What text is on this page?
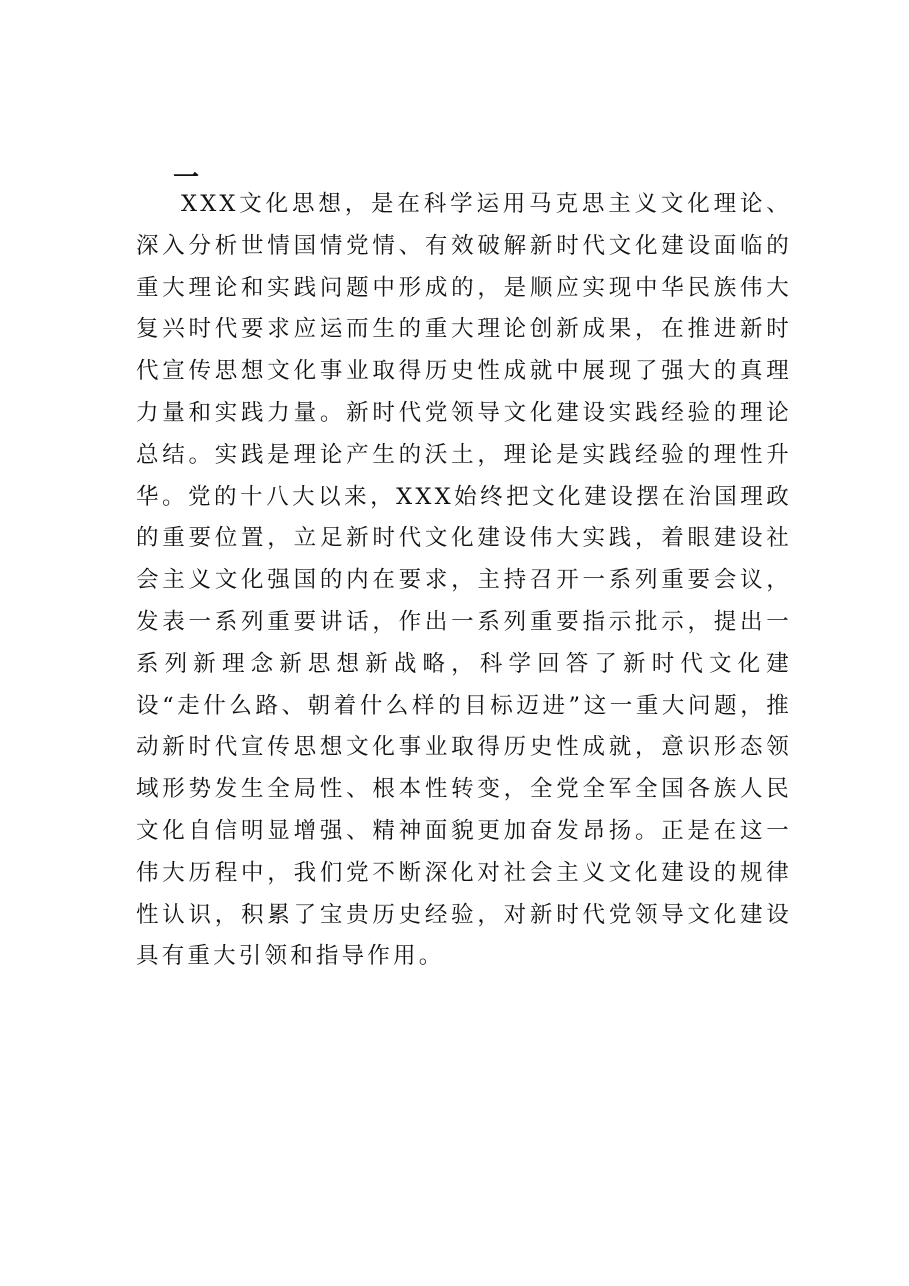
一

XXX文化思想，是在科学运用马克思主义文化理论、深入分析世情国情党情、有效破解新时代文化建设面临的重大理论和实践问题中形成的，是顺应实现中华民族伟大复兴时代要求应运而生的重大理论创新成果，在推进新时代宣传思想文化事业取得历史性成就中展现了强大的真理力量和实践力量。新时代党领导文化建设实践经验的理论总结。实践是理论产生的沃土，理论是实践经验的理性升华。党的十八大以来，XXX始终把文化建设摆在治国理政的重要位置，立足新时代文化建设伟大实践，着眼建设社会主义文化强国的内在要求，主持召开一系列重要会议，发表一系列重要讲话，作出一系列重要指示批示，提出一系列新理念新思想新战略，科学回答了新时代文化建设“走什么路、朝着什么样的目标迈进”这一重大问题，推动新时代宣传思想文化事业取得历史性成就，意识形态领域形势发生全局性、根本性转变，全党全军全国各族人民文化自信明显增强、精神面貌更加奋发昂扬。正是在这一伟大历程中，我们党不断深化对社会主义文化建设的规律性认识，积累了宝贵历史经验，对新时代党领导文化建设具有重大引领和指导作用。
